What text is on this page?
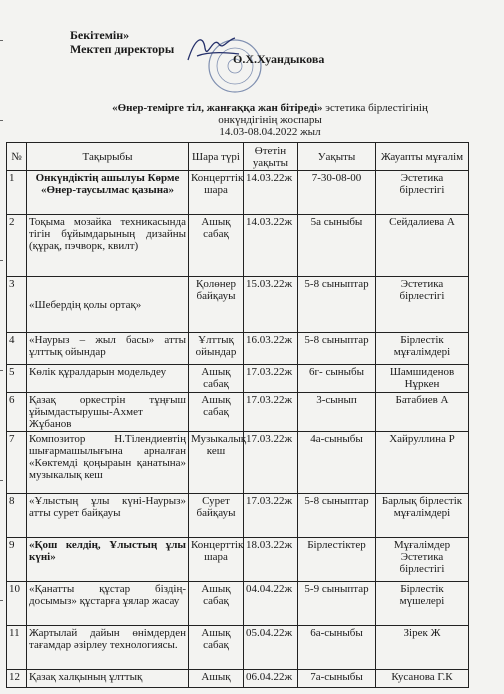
Бекітемін»
Мектеп директоры
О.Х.Хуандыкова
«Өнер-темірге тіл, жанғаққа жан бітіреді» эстетика бірлестігінің
онкүндігінің жоспары
14.03-08.04.2022 жыл
№	Тақырыбы	Шара түрі	Өтетін уақыты	Уақыты	Жауапты мұғалім
1	Онкүндіктің ашылуы Көрме «Өнер-таусылмас қазына»	Концерттік шара	14.03.22ж	7-30-08-00	Эстетика бірлестігі
2	Тоқыма мозайка техникасында тігін бұйымдарының дизайны (құрақ, пэчворк, квилт)	Ашық сабақ	14.03.22ж	5а сыныбы	Сейдалиева А
3	«Шебердің қолы ортақ»	Қолөнер байқауы	15.03.22ж	5-8 сыныптар	Эстетика бірлестігі
4	«Наурыз – жыл басы» атты ұлттық ойындар	Ұлттық ойындар	16.03.22ж	5-8 сыныптар	Бірлестік мұғалімдері
5	Көлік құралдарын модельдеу	Ашық сабақ	17.03.22ж	6г- сыныбы	Шамшиденов Нұркен
6	Қазақ оркестрін тұңғыш ұйымдастырушы-Ахмет Жұбанов	Ашық сабақ	17.03.22ж	3-сынып	Батабиев А
7	Композитор Н.Тілендиевтің шығармашылығына арналған «Көктемді қоңыраын қанатына» музыкалық кеш	Музыкалық кеш	17.03.22ж	4а-сыныбы	Хайруллина Р
8	«Ұлыстың ұлы күні-Наурыз» атты сурет байқауы	Сурет байқауы	17.03.22ж	5-8 сыныптар	Барлық бірлестік мұғалімдері
9	«Қош келдің, Ұлыстың ұлы күні»	Концерттік шара	18.03.22ж	Бірлестіктер	Мұғалімдер Эстетика бірлестігі
10	«Қанатты құстар біздің-досымыз» құстарға ұялар жасау	Ашық сабақ	04.04.22ж	5-9 сыныптар	Бірлестік мүшелері
11	Жартылай дайын өнімдерден тағамдар әзірлеу технологиясы.	Ашық сабақ	05.04.22ж	6а-сыныбы	Зірек Ж
12	Қазақ халқының ұлттық	Ашық	06.04.22ж	7а-сыныбы	Кусанова Г.К
